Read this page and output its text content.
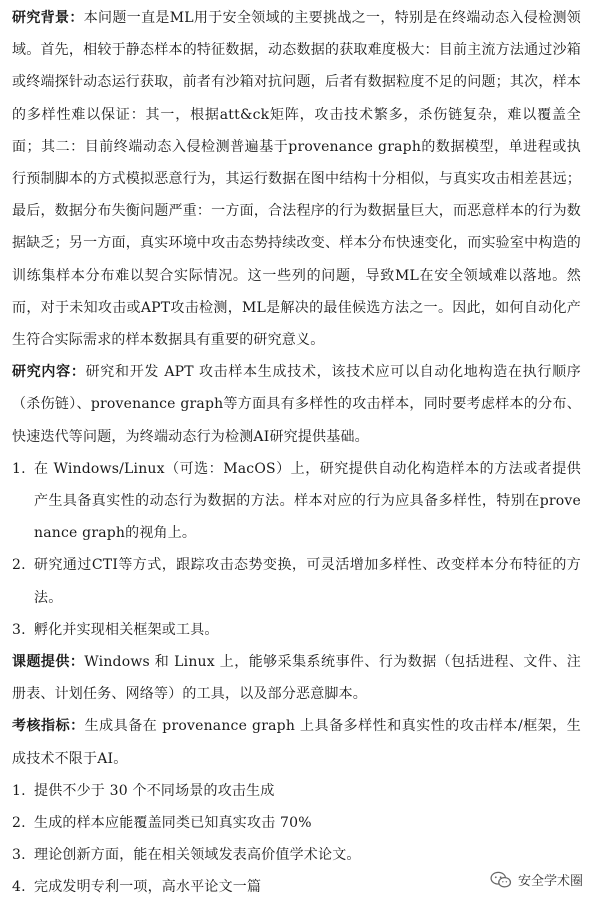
研究背景：本问题一直是ML用于安全领域的主要挑战之一，特别是在终端动态入侵检测领域。首先，相较于静态样本的特征数据，动态数据的获取难度极大：目前主流方法通过沙箱或终端探针动态运行获取，前者有沙箱对抗问题，后者有数据粒度不足的问题；其次，样本的多样性难以保证：其一，根据att&ck矩阵，攻击技术繁多，杀伤链复杂，难以覆盖全面；其二：目前终端动态入侵检测普遍基于provenance graph的数据模型，单进程或执行预制脚本的方式模拟恶意行为，其运行数据在图中结构十分相似，与真实攻击相差甚远；最后，数据分布失衡问题严重：一方面，合法程序的行为数据量巨大，而恶意样本的行为数据缺乏；另一方面，真实环境中攻击态势持续改变、样本分布快速变化，而实验室中构造的训练集样本分布难以契合实际情况。这一些列的问题，导致ML在安全领域难以落地。然而，对于未知攻击或APT攻击检测，ML是解决的最佳候选方法之一。因此，如何自动化产生符合实际需求的样本数据具有重要的研究意义。

研究内容：研究和开发 APT 攻击样本生成技术，该技术应可以自动化地构造在执行顺序（杀伤链）、provenance graph等方面具有多样性的攻击样本，同时要考虑样本的分布、快速迭代等问题，为终端动态行为检测AI研究提供基础。

1. 在 Windows/Linux（可选：MacOS）上，研究提供自动化构造样本的方法或者提供产生具备真实性的动态行为数据的方法。样本对应的行为应具备多样性，特别在provenance graph的视角上。
2. 研究通过CTI等方式，跟踪攻击态势变换，可灵活增加多样性、改变样本分布特征的方法。
3. 孵化并实现相关框架或工具。

课题提供：Windows 和 Linux 上，能够采集系统事件、行为数据（包括进程、文件、注册表、计划任务、网络等）的工具，以及部分恶意脚本。

考核指标：生成具备在 provenance graph 上具备多样性和真实性的攻击样本/框架，生成技术不限于AI。

1. 提供不少于 30 个不同场景的攻击生成
2. 生成的样本应能覆盖同类已知真实攻击 70%
3. 理论创新方面，能在相关领域发表高价值学术论文。
4. 完成发明专利一项，高水平论文一篇	安全学术圈
